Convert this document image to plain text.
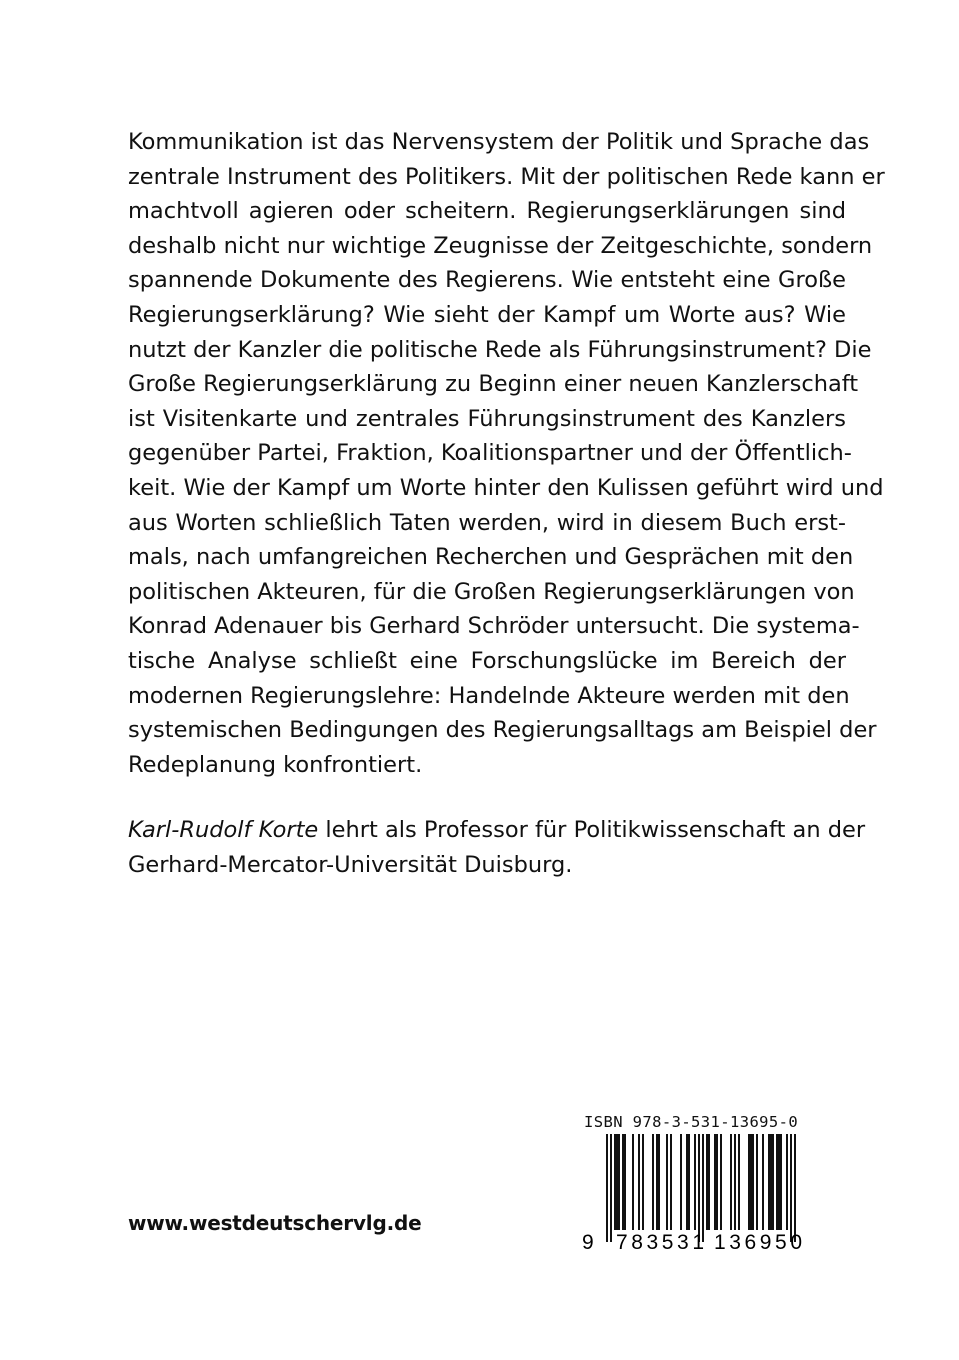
Kommunikation ist das Nervensystem der Politik und Sprache das
zentrale Instrument des Politikers. Mit der politischen Rede kann er
machtvoll agieren oder scheitern. Regierungserklärungen sind
deshalb nicht nur wichtige Zeugnisse der Zeitgeschichte, sondern
spannende Dokumente des Regierens. Wie entsteht eine Große
Regierungserklärung? Wie sieht der Kampf um Worte aus? Wie
nutzt der Kanzler die politische Rede als Führungsinstrument? Die
Große Regierungserklärung zu Beginn einer neuen Kanzlerschaft
ist Visitenkarte und zentrales Führungsinstrument des Kanzlers
gegenüber Partei, Fraktion, Koalitionspartner und der Öffentlich-
keit. Wie der Kampf um Worte hinter den Kulissen geführt wird und
aus Worten schließlich Taten werden, wird in diesem Buch erst-
mals, nach umfangreichen Recherchen und Gesprächen mit den
politischen Akteuren, für die Großen Regierungserklärungen von
Konrad Adenauer bis Gerhard Schröder untersucht. Die systema-
tische Analyse schließt eine Forschungslücke im Bereich der
modernen Regierungslehre: Handelnde Akteure werden mit den
systemischen Bedingungen des Regierungsalltags am Beispiel der
Redeplanung konfrontiert.
Karl-Rudolf Korte lehrt als Professor für Politikwissenschaft an der
Gerhard-Mercator-Universität Duisburg.
www.westdeutschervlg.de
ISBN 978-3-531-13695-0
9 783531 136950
